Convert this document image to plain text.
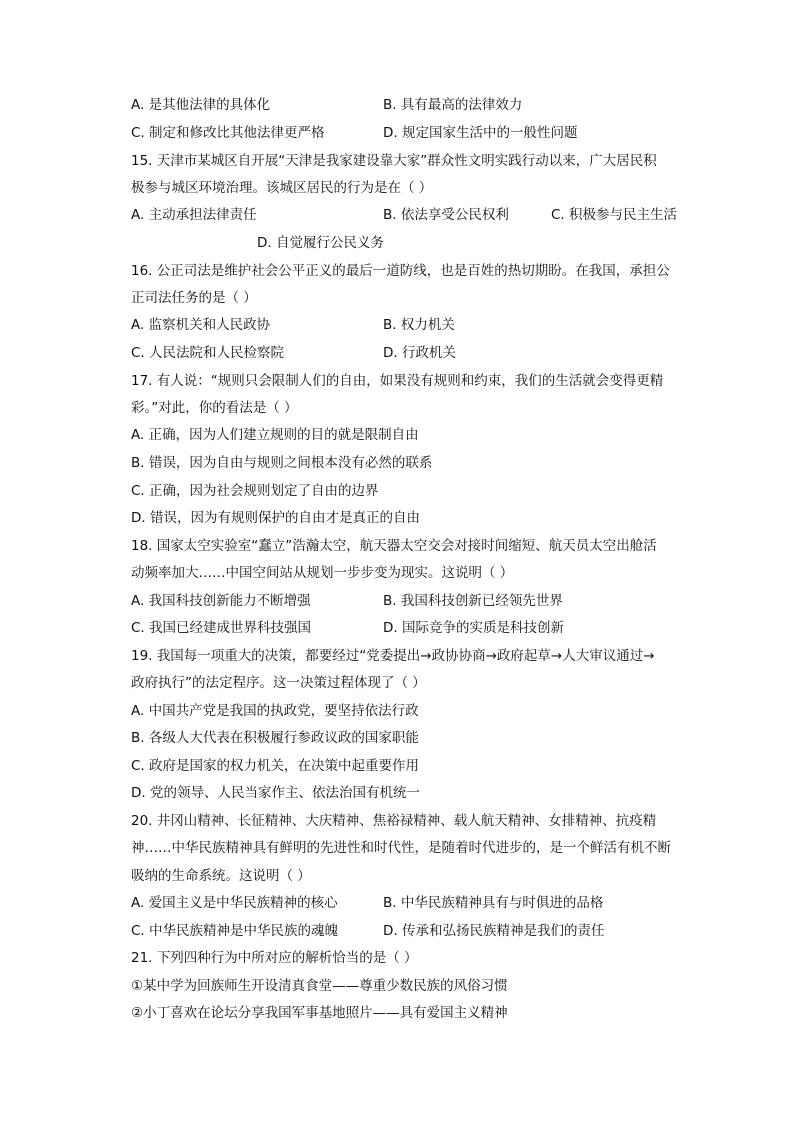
A. 是其他法律的具体化	B. 具有最高的法律效力
C. 制定和修改比其他法律更严格	D. 规定国家生活中的一般性问题
15. 天津市某城区自开展“天津是我家建设靠大家”群众性文明实践行动以来，广大居民积
极参与城区环境治理。该城区居民的行为是在（ ）
A. 主动承担法律责任	B. 依法享受公民权利	C. 积极参与民主生活
D. 自觉履行公民义务
16. 公正司法是维护社会公平正义的最后一道防线，也是百姓的热切期盼。在我国，承担公
正司法任务的是（ ）
A. 监察机关和人民政协	B. 权力机关
C. 人民法院和人民检察院	D. 行政机关
17. 有人说：“规则只会限制人们的自由，如果没有规则和约束，我们的生活就会变得更精
彩。”对此，你的看法是（ ）
A. 正确，因为人们建立规则的目的就是限制自由
B. 错误，因为自由与规则之间根本没有必然的联系
C. 正确，因为社会规则划定了自由的边界
D. 错误，因为有规则保护的自由才是真正的自由
18. 国家太空实验室“蠢立”浩瀚太空，航天器太空交会对接时间缩短、航天员太空出舱活
动频率加大……中国空间站从规划一步步变为现实。这说明（ ）
A. 我国科技创新能力不断增强	B. 我国科技创新已经领先世界
C. 我国已经建成世界科技强国	D. 国际竞争的实质是科技创新
19. 我国每一项重大的决策，都要经过“党委提出→政协协商→政府起草→人大审议通过→
政府执行”的法定程序。这一决策过程体现了（ ）
A. 中国共产党是我国的执政党，要坚持依法行政
B. 各级人大代表在积极履行参政议政的国家职能
C. 政府是国家的权力机关，在决策中起重要作用
D. 党的领导、人民当家作主、依法治国有机统一
20. 井冈山精神、长征精神、大庆精神、焦裕禄精神、载人航天精神、女排精神、抗疫精
神……中华民族精神具有鲜明的先进性和时代性，是随着时代进步的，是一个鲜活有机不断
吸纳的生命系统。这说明（ ）
A. 爱国主义是中华民族精神的核心	B. 中华民族精神具有与时俱进的品格
C. 中华民族精神是中华民族的魂魄	D. 传承和弘扬民族精神是我们的责任
21. 下列四种行为中所对应的解析恰当的是（ ）
①某中学为回族师生开设清真食堂——尊重少数民族的风俗习惯
②小丁喜欢在论坛分享我国军事基地照片——具有爱国主义精神
